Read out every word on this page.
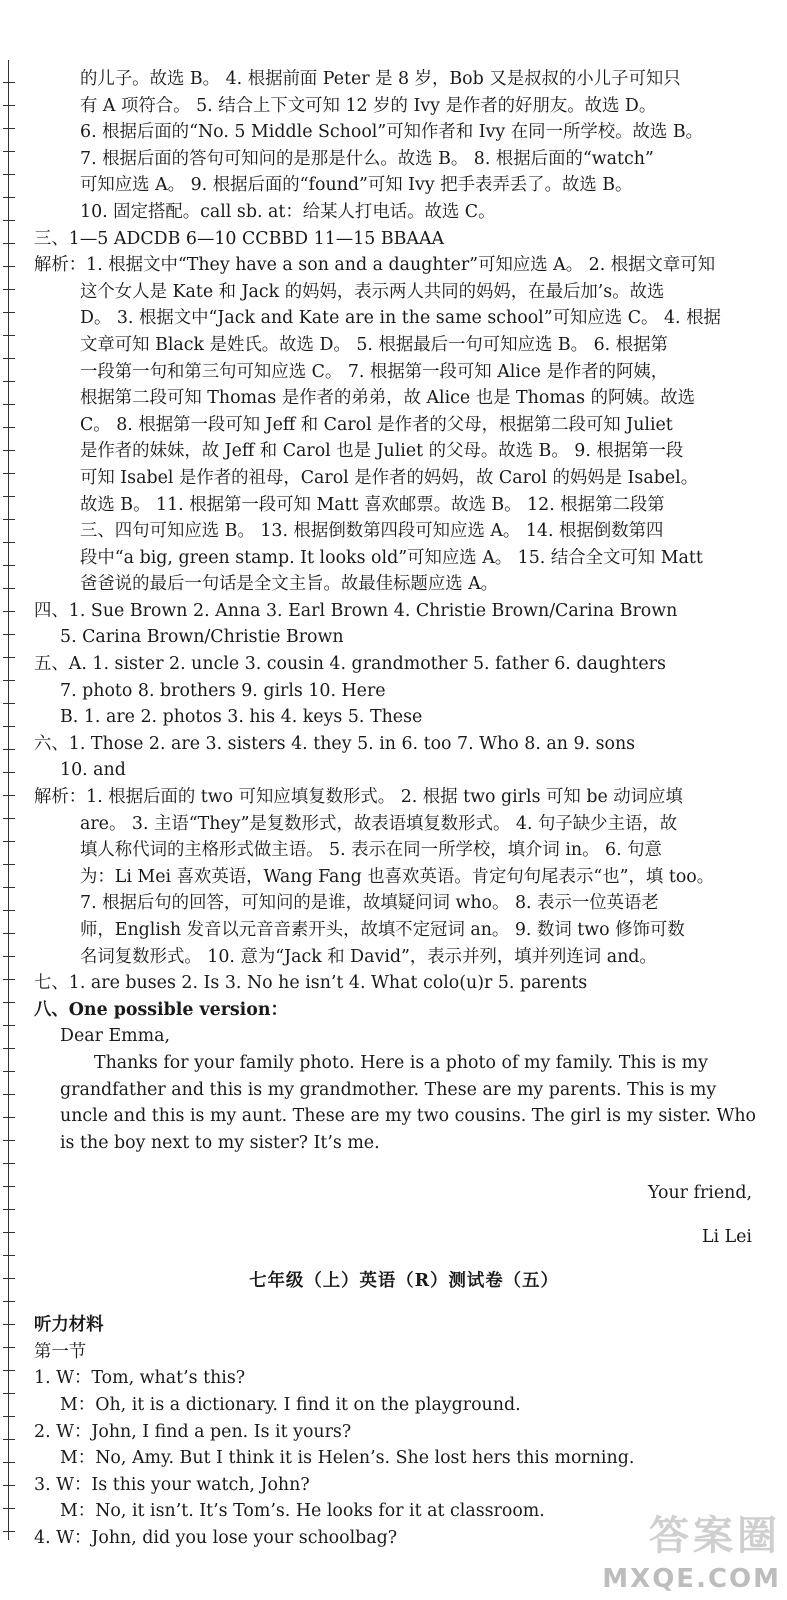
的儿子。故选 B。 4. 根据前面 Peter 是 8 岁，Bob 又是叔叔的小儿子可知只

有 A 项符合。 5. 结合上下文可知 12 岁的 Ivy 是作者的好朋友。故选 D。

6. 根据后面的“No. 5 Middle School”可知作者和 Ivy 在同一所学校。故选 B。

7. 根据后面的答句可知问的是那是什么。故选 B。 8. 根据后面的“watch”

可知应选 A。 9. 根据后面的“found”可知 Ivy 把手表弄丢了。故选 B。

10. 固定搭配。call sb. at：给某人打电话。故选 C。

三、1—5 ADCDB 6—10 CCBBD 11—15 BBAAA

解析：1. 根据文中“They have a son and a daughter”可知应选 A。 2. 根据文章可知

这个女人是 Kate 和 Jack 的妈妈，表示两人共同的妈妈，在最后加’s。故选

D。 3. 根据文中“Jack and Kate are in the same school”可知应选 C。 4. 根据

文章可知 Black 是姓氏。故选 D。 5. 根据最后一句可知应选 B。 6. 根据第

一段第一句和第三句可知应选 C。 7. 根据第一段可知 Alice 是作者的阿姨，

根据第二段可知 Thomas 是作者的弟弟，故 Alice 也是 Thomas 的阿姨。故选

C。 8. 根据第一段可知 Jeff 和 Carol 是作者的父母，根据第二段可知 Juliet

是作者的妹妹，故 Jeff 和 Carol 也是 Juliet 的父母。故选 B。 9. 根据第一段

可知 Isabel 是作者的祖母，Carol 是作者的妈妈，故 Carol 的妈妈是 Isabel。

故选 B。 11. 根据第一段可知 Matt 喜欢邮票。故选 B。 12. 根据第二段第

三、四句可知应选 B。 13. 根据倒数第四段可知应选 A。 14. 根据倒数第四

段中“a big, green stamp. It looks old”可知应选 A。 15. 结合全文可知 Matt

爸爸说的最后一句话是全文主旨。故最佳标题应选 A。

四、1. Sue Brown 2. Anna 3. Earl Brown 4. Christie Brown/Carina Brown

5. Carina Brown/Christie Brown

五、A. 1. sister 2. uncle 3. cousin 4. grandmother 5. father 6. daughters

7. photo 8. brothers 9. girls 10. Here

B. 1. are 2. photos 3. his 4. keys 5. These

六、1. Those 2. are 3. sisters 4. they 5. in 6. too 7. Who 8. an 9. sons

10. and

解析：1. 根据后面的 two 可知应填复数形式。 2. 根据 two girls 可知 be 动词应填

are。 3. 主语“They”是复数形式，故表语填复数形式。 4. 句子缺少主语，故

填人称代词的主格形式做主语。 5. 表示在同一所学校，填介词 in。 6. 句意

为：Li Mei 喜欢英语，Wang Fang 也喜欢英语。肯定句句尾表示“也”，填 too。

7. 根据后句的回答，可知问的是谁，故填疑问词 who。 8. 表示一位英语老

师，English 发音以元音音素开头，故填不定冠词 an。 9. 数词 two 修饰可数

名词复数形式。 10. 意为“Jack 和 David”，表示并列，填并列连词 and。

七、1. are buses 2. Is 3. No he isn’t 4. What colo(u)r 5. parents

八、One possible version：

Dear Emma,

Thanks for your family photo. Here is a photo of my family. This is my

grandfather and this is my grandmother. These are my parents. This is my

uncle and this is my aunt. These are my two cousins. The girl is my sister. Who

is the boy next to my sister? It’s me.

Your friend,

Li Lei

七年级（上）英语（R）测试卷（五）

听力材料

第一节

1. W：Tom, what’s this?

M：Oh, it is a dictionary. I find it on the playground.

2. W：John, I find a pen. Is it yours?

M：No, Amy. But I think it is Helen’s. She lost hers this morning.

3. W：Is this your watch, John?

M：No, it isn’t. It’s Tom’s. He looks for it at classroom.

4. W：John, did you lose your schoolbag?	答案圈
MXQE.COM
